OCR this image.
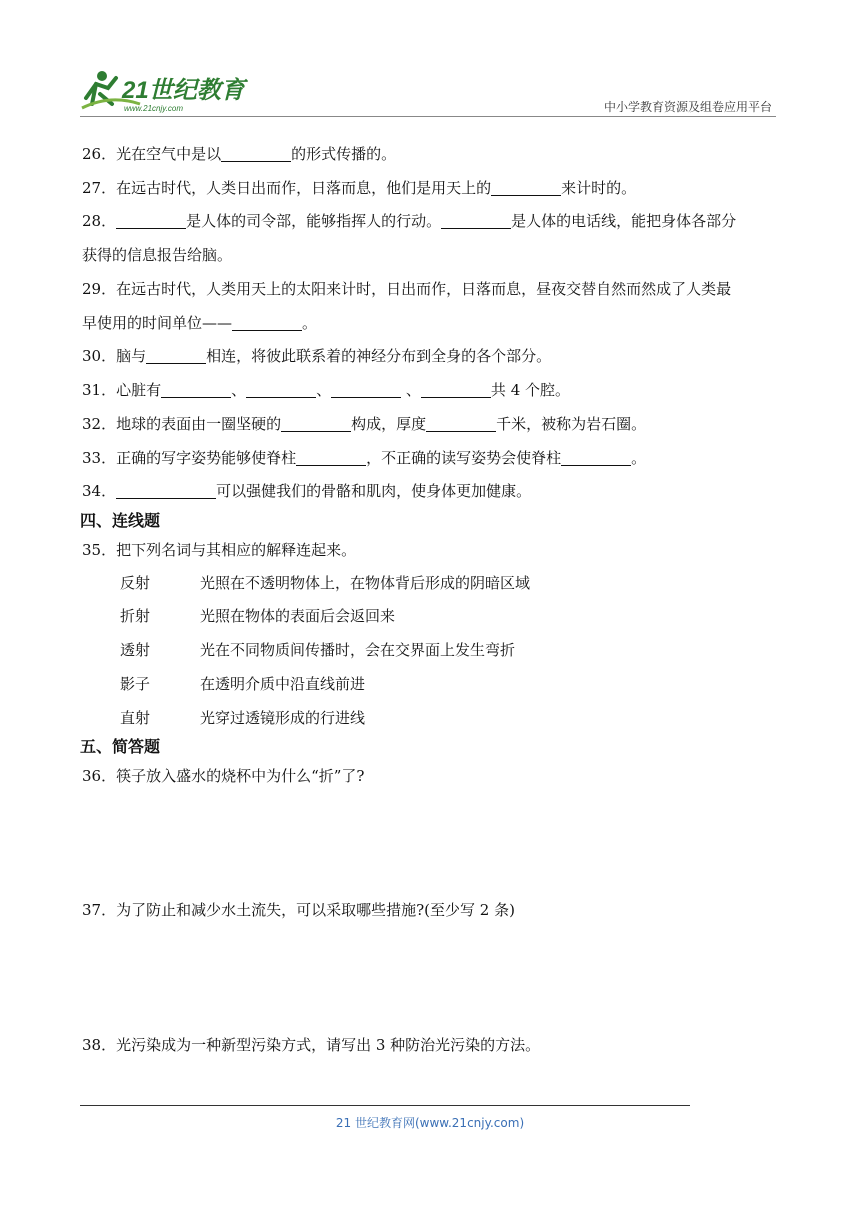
21世纪教育
www.21cnjy.com	中小学教育资源及组卷应用平台
26．光在空气中是以	的形式传播的。
27．在远古时代，人类日出而作，日落而息，他们是用天上的	来计时的。
28．	是人体的司令部，能够指挥人的行动。	是人体的电话线，能把身体各部分
获得的信息报告给脑。
29．在远古时代，人类用天上的太阳来计时，日出而作，日落而息，昼夜交替自然而然成了人类最
早使用的时间单位——	。
30．脑与	相连，将彼此联系着的神经分布到全身的各个部分。
31．心脏有	、	、	、	共 4 个腔。
32．地球的表面由一圈坚硬的	构成，厚度	千米，被称为岩石圈。
33．正确的写字姿势能够使脊柱	，不正确的读写姿势会使脊柱	。
34．	可以强健我们的骨骼和肌肉，使身体更加健康。
四、连线题
35．把下列名词与其相应的解释连起来。
反射	光照在不透明物体上，在物体背后形成的阴暗区域
折射	光照在物体的表面后会返回来
透射	光在不同物质间传播时，会在交界面上发生弯折
影子	在透明介质中沿直线前进
直射	光穿过透镜形成的行进线
五、简答题
36．筷子放入盛水的烧杯中为什么“折”了?
37．为了防止和减少水土流失，可以采取哪些措施?(至少写 2 条)
38．光污染成为一种新型污染方式，请写出 3 种防治光污染的方法。
21 世纪教育网(www.21cnjy.com)
